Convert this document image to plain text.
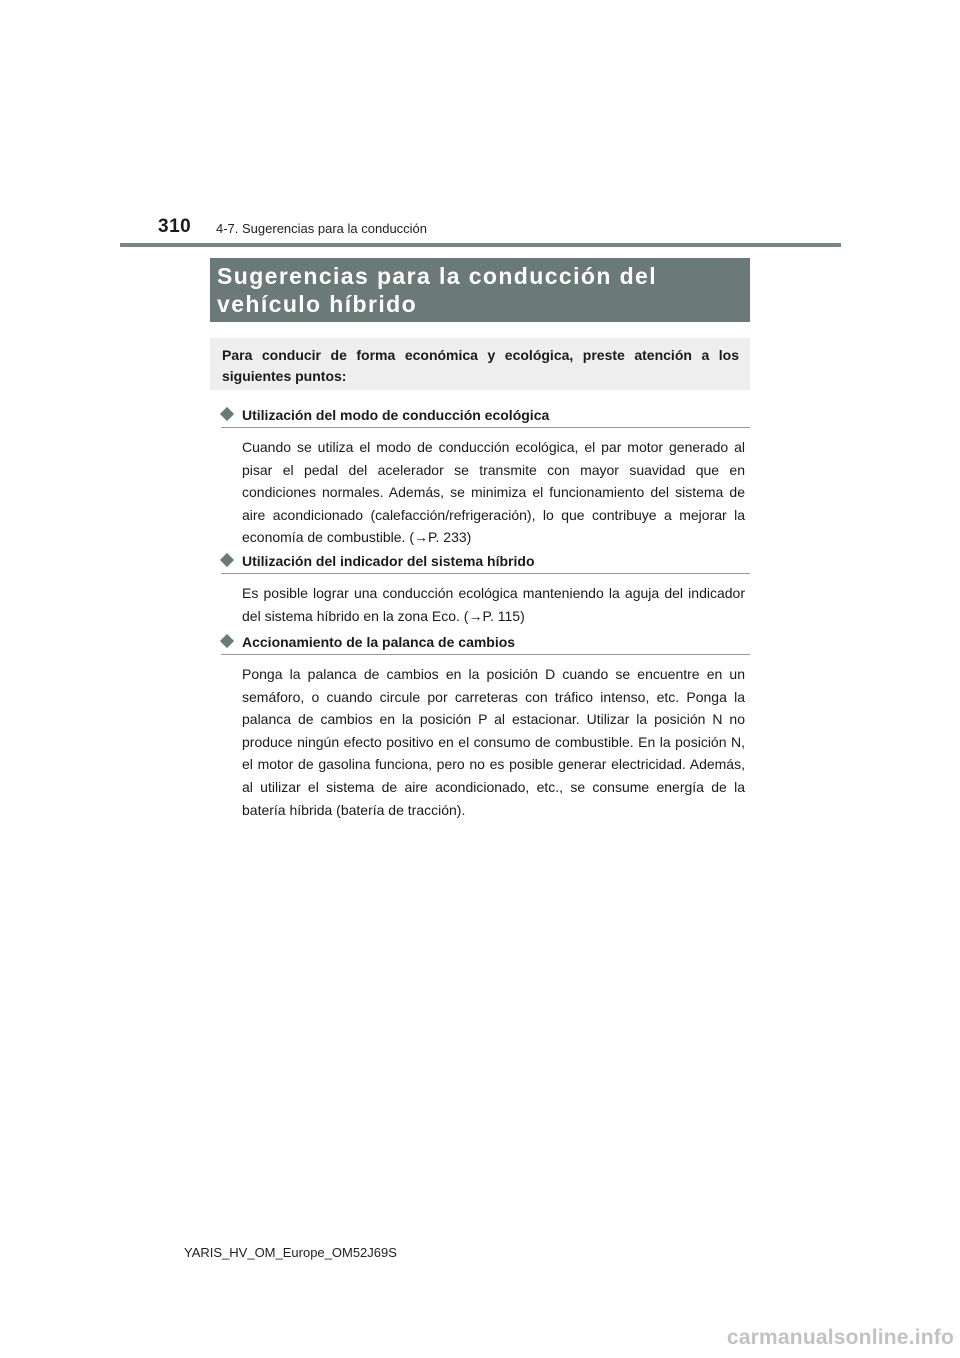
310 4-7. Sugerencias para la conducción
Sugerencias para la conducción del
vehículo híbrido
Para conducir de forma económica y ecológica, preste atención a los siguientes puntos:
Utilización del modo de conducción ecológica
Cuando se utiliza el modo de conducción ecológica, el par motor generado al pisar el pedal del acelerador se transmite con mayor suavidad que en condiciones normales. Además, se minimiza el funcionamiento del sistema de aire acondicionado (calefacción/refrigeración), lo que contribuye a mejorar la economía de combustible. (→P. 233)
Utilización del indicador del sistema híbrido
Es posible lograr una conducción ecológica manteniendo la aguja del indicador del sistema híbrido en la zona Eco. (→P. 115)
Accionamiento de la palanca de cambios
Ponga la palanca de cambios en la posición D cuando se encuentre en un semáforo, o cuando circule por carreteras con tráfico intenso, etc. Ponga la palanca de cambios en la posición P al estacionar. Utilizar la posición N no produce ningún efecto positivo en el consumo de combustible. En la posición N, el motor de gasolina funciona, pero no es posible generar electricidad. Además, al utilizar el sistema de aire acondicionado, etc., se consume energía de la batería híbrida (batería de tracción).
YARIS_HV_OM_Europe_OM52J69S
carmanualsonline.info
